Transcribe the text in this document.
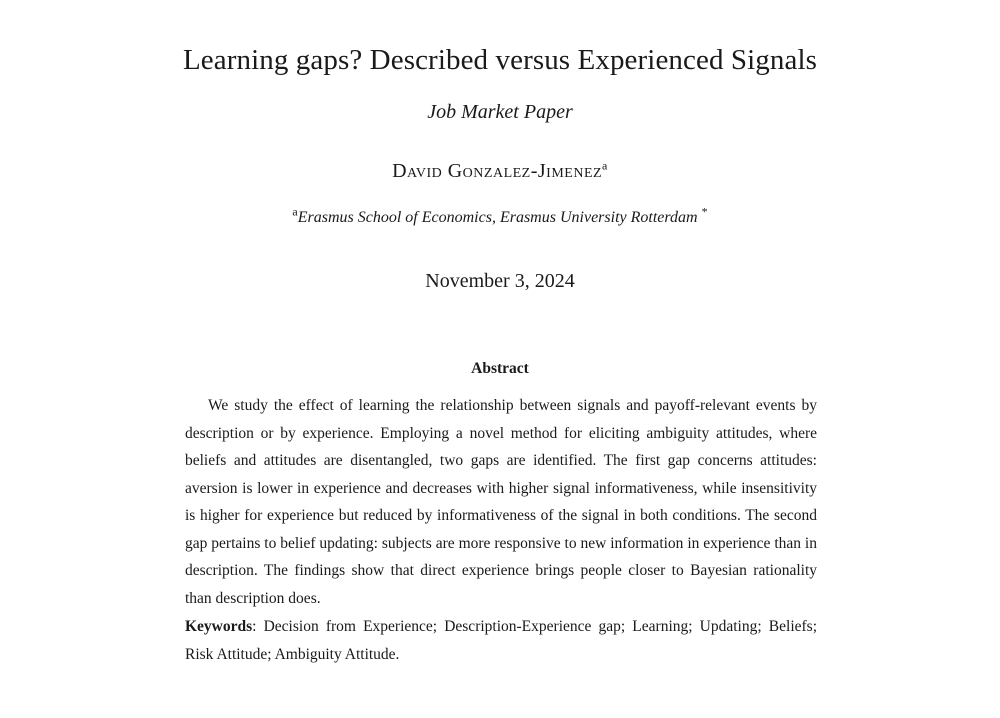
Learning gaps? Described versus Experienced Signals
Job Market Paper
David Gonzalez-Jimenez$^a$
$^a$Erasmus School of Economics, Erasmus University Rotterdam *
November 3, 2024
Abstract

We study the effect of learning the relationship between signals and payoff-relevant events by description or by experience. Employing a novel method for eliciting ambiguity attitudes, where beliefs and attitudes are disentangled, two gaps are identified. The first gap concerns attitudes: aversion is lower in experience and decreases with higher signal informativeness, while insensitivity is higher for experience but reduced by informativeness of the signal in both conditions. The second gap pertains to belief updating: subjects are more responsive to new information in experience than in description. The findings show that direct experience brings people closer to Bayesian rationality than description does.

Keywords: Decision from Experience; Description-Experience gap; Learning; Updating; Beliefs; Risk Attitude; Ambiguity Attitude.
